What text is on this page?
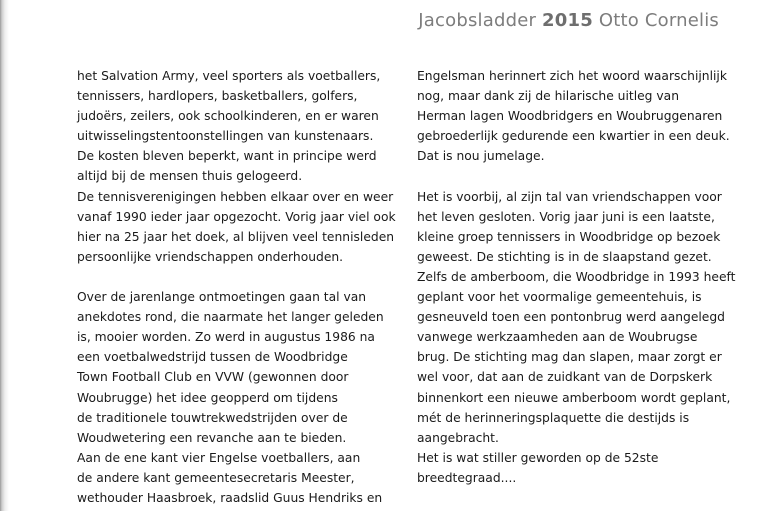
Jacobsladder 2015 Otto Cornelis
het Salvation Army, veel sporters als voetballers,
tennissers, hardlopers, basketballers, golfers,
judoërs, zeilers, ook schoolkinderen, en er waren
uitwisselingstentoonstellingen van kunstenaars.
De kosten bleven beperkt, want in principe werd
altijd bij de mensen thuis gelogeerd.
De tennisverenigingen hebben elkaar over en weer
vanaf 1990 ieder jaar opgezocht. Vorig jaar viel ook
hier na 25 jaar het doek, al blijven veel tennisleden
persoonlijke vriendschappen onderhouden.
Over de jarenlange ontmoetingen gaan tal van
anekdotes rond, die naarmate het langer geleden
is, mooier worden. Zo werd in augustus 1986 na
een voetbalwedstrijd tussen de Woodbridge
Town Football Club en VVW (gewonnen door
Woubrugge) het idee geopperd om tijdens
de traditionele touwtrekwedstrijden over de
Woudwetering een revanche aan te bieden.
Aan de ene kant vier Engelse voetballers, aan
de andere kant gemeentesecretaris Meester,
wethouder Haasbroek, raadslid Guus Hendriks en
Engelsman herinnert zich het woord waarschijnlijk
nog, maar dank zij de hilarische uitleg van
Herman lagen Woodbridgers en Woubruggenaren
gebroederlijk gedurende een kwartier in een deuk.
Dat is nou jumelage.
Het is voorbij, al zijn tal van vriendschappen voor
het leven gesloten. Vorig jaar juni is een laatste,
kleine groep tennissers in Woodbridge op bezoek
geweest. De stichting is in de slaapstand gezet.
Zelfs de amberboom, die Woodbridge in 1993 heeft
geplant voor het voormalige gemeentehuis, is
gesneuveld toen een pontonbrug werd aangelegd
vanwege werkzaamheden aan de Woubrugse
brug. De stichting mag dan slapen, maar zorgt er
wel voor, dat aan de zuidkant van de Dorpskerk
binnenkort een nieuwe amberboom wordt geplant,
mét de herinneringsplaquette die destijds is
aangebracht.
Het is wat stiller geworden op de 52ste
breedtegraad....
